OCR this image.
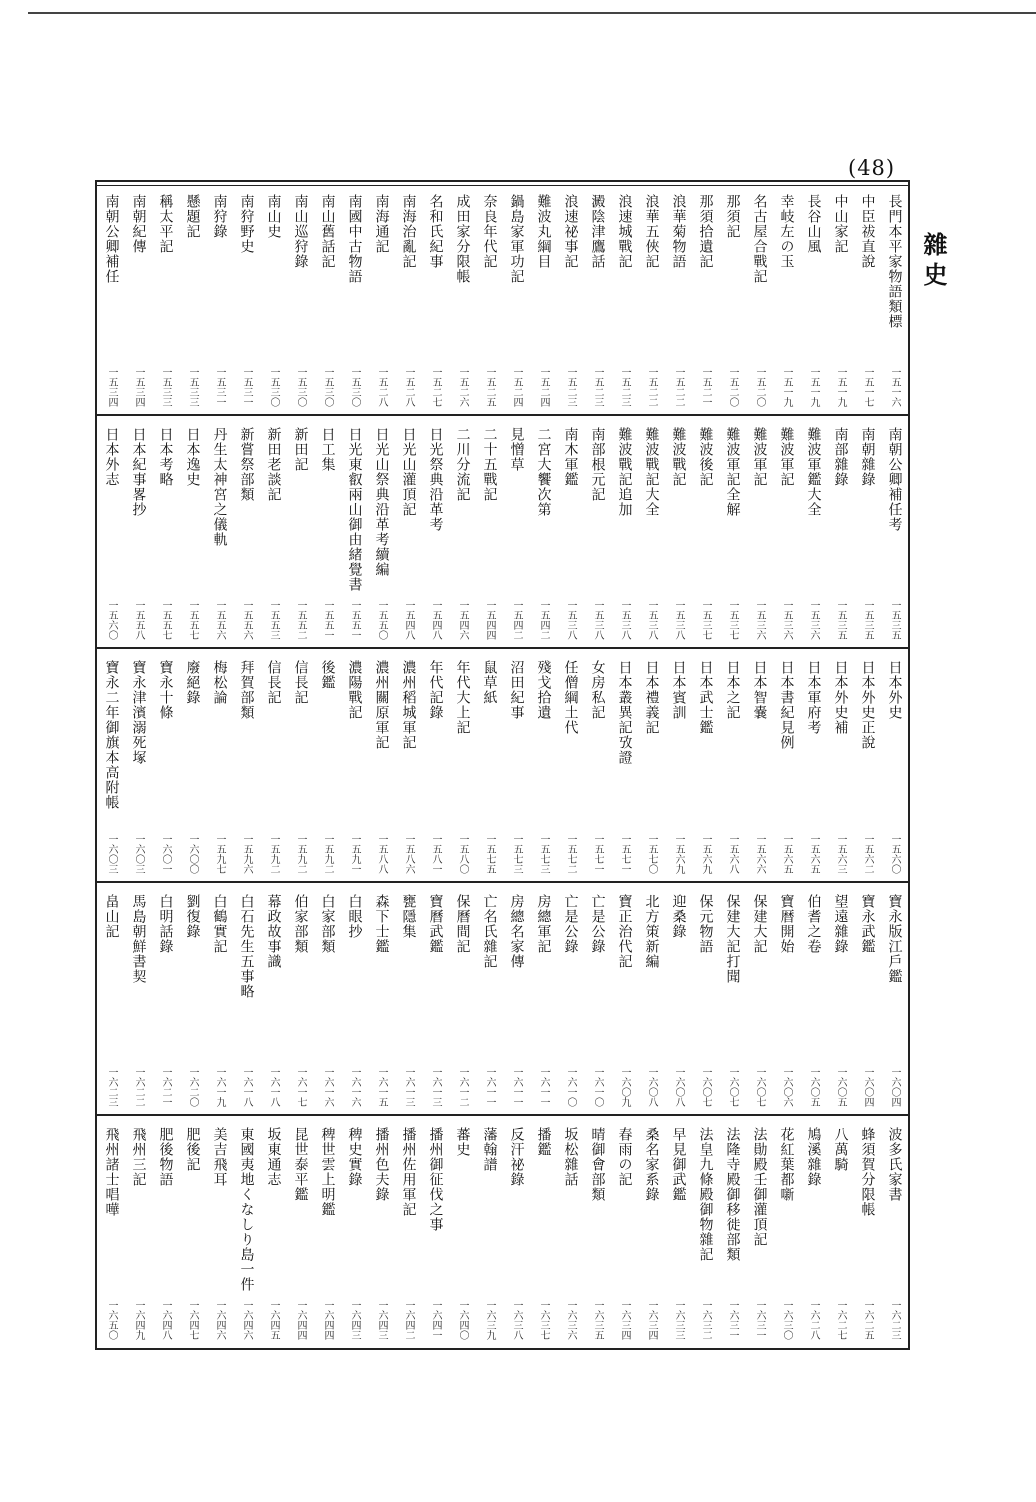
(48)
雜史
長門本平家物語類標
一五一六
中臣祓直說
一五一七
中山家記
一五一九
長谷山風
一五一九
幸岐左の玉
一五一九
名古屋合戰記
一五二〇
那須記
一五二〇
那須拾遺記
一五二一
浪華菊物語
一五二二
浪華五俠記
一五二二
浪速城戰記
一五二三
澱陰津鷹話
一五二三
浪速祕事記
一五二三
難波丸綱目
一五二四
鍋島家軍功記
一五二四
奈良年代記
一五二五
成田家分限帳
一五二六
名和氏紀事
一五二七
南海治亂記
一五二八
南海通記
一五二八
南國中古物語
一五三〇
南山舊話記
一五三〇
南山巡狩錄
一五三〇
南山史
一五三〇
南狩野史
一五三一
南狩錄
一五三一
懸題記
一五三三
稱太平記
一五三三
南朝紀傳
一五三四
南朝公卿補任
一五三四
南朝公卿補任考
一五三五
南朝雜錄
一五三五
南部雜錄
一五三五
難波軍鑑大全
一五三六
難波軍記
一五三六
難波軍記
一五三六
難波軍記全解
一五三七
難波後記
一五三七
難波戰記
一五三八
難波戰記大全
一五三八
難波戰記追加
一五三八
南部根元記
一五三八
南木軍鑑
一五三八
二宮大饗次第
一五四二
見憎草
一五四二
二十五戰記
一五四四
二川分流記
一五四六
日光祭典沿革考
一五四八
日光山灌頂記
一五四八
日光山祭典沿革考續編
一五五〇
日光東叡兩山御由緒覺書
一五五一
日工集
一五五一
新田記
一五五二
新田老談記
一五五三
新嘗祭部類
一五五六
丹生太神宮之儀軌
一五五六
日本逸史
一五五七
日本考略
一五五七
日本紀事畧抄
一五五八
日本外志
一五六〇
日本外史
一五六〇
日本外史正說
一五六二
日本外史補
一五六三
日本軍府考
一五六五
日本書紀見例
一五六五
日本智嚢
一五六六
日本之記
一五六八
日本武士鑑
一五六九
日本賓訓
一五六九
日本禮義記
一五七〇
日本叢異記攷證
一五七一
女房私記
一五七一
任僧綱土代
一五七二
殘戈拾遺
一五七三
沼田紀事
一五七三
鼠草紙
一五七五
年代大上記
一五八〇
年代記錄
一五八一
濃州稻城軍記
一五八六
濃州關原軍記
一五八八
濃陽戰記
一五九一
後鑑
一五九二
信長記
一五九二
信長記
一五九二
拜賀部類
一五九六
梅松論
一五九七
廢絕錄
一六〇〇
寶永十條
一六〇一
寶永津濱溺死塚
一六〇三
寶永二年御旗本高附帳
一六〇三
寶永版江戶鑑
一六〇四
寶永武鑑
一六〇四
望遠雜錄
一六〇五
伯耆之卷
一六〇五
寶暦開始
一六〇六
保建大記
一六〇七
保建大記打聞
一六〇七
保元物語
一六〇七
迎桑錄
一六〇八
北方策新編
一六〇八
寶正治代記
一六〇九
亡是公錄
一六一〇
亡是公錄
一六一〇
房總軍記
一六一一
房總名家傳
一六一一
亡名氏雜記
一六一一
保曆間記
一六一二
寶曆武鑑
一六一三
甕隱集
一六一三
森下士鑑
一六一五
白眼抄
一六一六
白家部類
一六一六
伯家部類
一六一七
幕政故事識
一六一八
白石先生五事略
一六一八
白鶴實記
一六一九
劉復錄
一六二〇
白明話錄
一六二一
馬島朝鮮書契
一六二二
畠山記
一六二三
波多氏家書
一六二三
蜂須賀分限帳
一六二五
八萬騎
一六二七
鳩溪雜錄
一六二八
花紅葉都噺
一六三〇
法勛殿壬御灌頂記
一六三一
法隆寺殿御移徙部類
一六三一
法皇九條殿御物雜記
一六三二
早見御武鑑
一六三三
桑名家系錄
一六三四
春雨の記
一六三四
晴御會部類
一六三五
坂松雜話
一六三六
播鑑
一六三七
反汗祕錄
一六三八
藩翰譜
一六三九
蕃史
一六四〇
播州御征伐之事
一六四一
播州佐用軍記
一六四二
播州色夫錄
一六四三
稗史實錄
一六四三
稗世雲上明鑑
一六四四
昆世泰平鑑
一六四四
坂東通志
一六四五
東國夷地くなしり島一件
一六四六
美吉飛耳
一六四六
肥後記
一六四七
肥後物語
一六四八
飛州三記
一六四九
飛州諸士唱嘩
一六五〇
